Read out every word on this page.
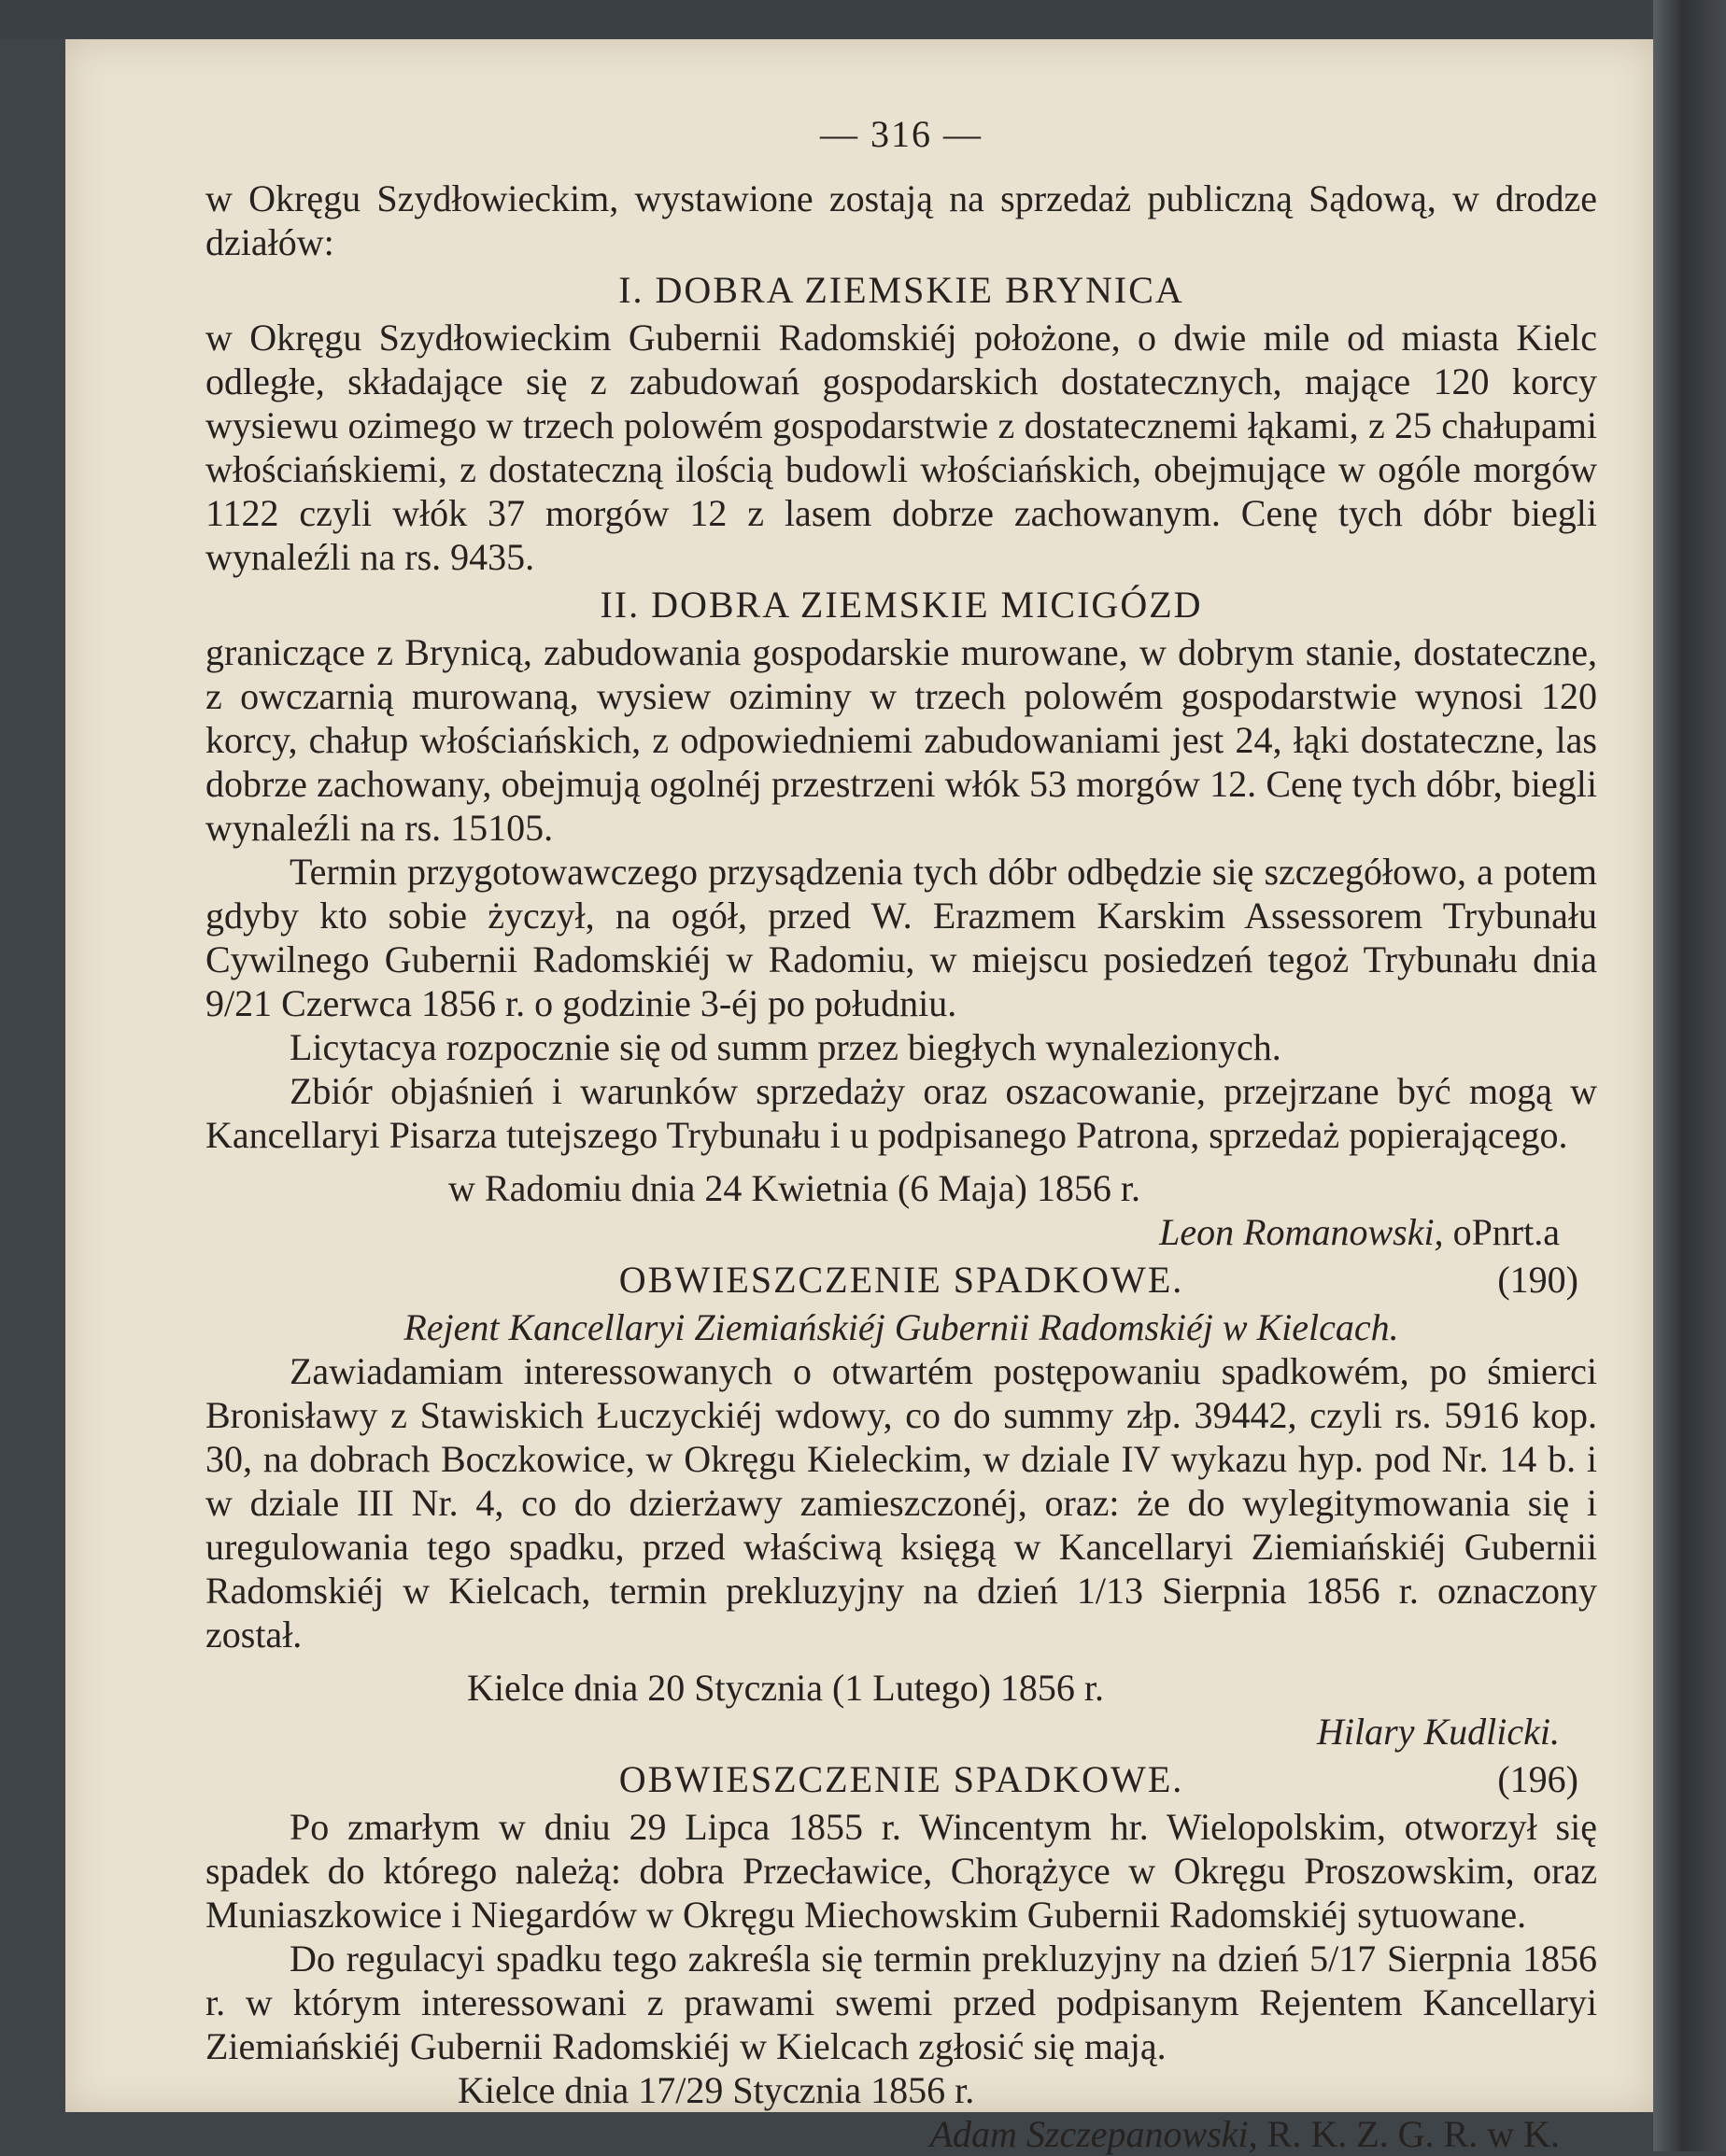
— 316 —

w Okręgu Szydłowieckim, wystawione zostają na sprzedaż publiczną Sądową, w drodze działów:

I. DOBRA ZIEMSKIE BRYNICA

w Okręgu Szydłowieckim Gubernii Radomskiéj położone, o dwie mile od miasta Kielc odległe, składające się z zabudowań gospodarskich dostatecznych, mające 120 korcy wysiewu ozimego w trzech polowém gospodarstwie z dostatecznemi łąkami, z 25 chałupami włościańskiemi, z dostateczną ilością budowli włościańskich, obejmujące w ogóle morgów 1122 czyli włók 37 morgów 12 z lasem dobrze zachowanym. Cenę tych dóbr biegli wynaleźli na rs. 9435.

II. DOBRA ZIEMSKIE MICIGÓZD

graniczące z Brynicą, zabudowania gospodarskie murowane, w dobrym stanie, dostateczne, z owczarnią murowaną, wysiew oziminy w trzech polowém gospodarstwie wynosi 120 korcy, chałup włościańskich, z odpowiedniemi zabudowaniami jest 24, łąki dostateczne, las dobrze zachowany, obejmują ogolnéj przestrzeni włók 53 morgów 12. Cenę tych dóbr, biegli wynaleźli na rs. 15105.

Termin przygotowawczego przysądzenia tych dóbr odbędzie się szczegółowo, a potem gdyby kto sobie życzył, na ogół, przed W. Erazmem Karskim Assessorem Trybunału Cywilnego Gubernii Radomskiéj w Radomiu, w miejscu posiedzeń tegoż Trybunału dnia 9/21 Czerwca 1856 r. o godzinie 3-éj po południu.

Licytacya rozpocznie się od summ przez biegłych wynalezionych.

Zbiór objaśnień i warunków sprzedaży oraz oszacowanie, przejrzane być mogą w Kancellaryi Pisarza tutejszego Trybunału i u podpisanego Patrona, sprzedaż popierającego.

w Radomiu dnia 24 Kwietnia (6 Maja) 1856 r.
Leon Romanowski, oPnrt.a
OBWIESZCZENIE SPADKOWE.	(190)
Rejent Kancellaryi Ziemiańskiéj Gubernii Radomskiéj w Kielcach.

Zawiadamiam interessowanych o otwartém postępowaniu spadkowém, po śmierci Bronisławy z Stawiskich Łuczyckiéj wdowy, co do summy złp. 39442, czyli rs. 5916 kop. 30, na dobrach Boczkowice, w Okręgu Kieleckim, w dziale IV wykazu hyp. pod Nr. 14 b. i w dziale III Nr. 4, co do dzierżawy zamieszczonéj, oraz: że do wylegitymowania się i uregulowania tego spadku, przed właściwą księgą w Kancellaryi Ziemiańskiéj Gubernii Radomskiéj w Kielcach, termin prekluzyjny na dzień 1/13 Sierpnia 1856 r. oznaczony został.

Kielce dnia 20 Stycznia (1 Lutego) 1856 r.
Hilary Kudlicki.
OBWIESZCZENIE SPADKOWE.	(196)

Po zmarłym w dniu 29 Lipca 1855 r. Wincentym hr. Wielopolskim, otworzył się spadek do którego należą: dobra Przecławice, Chorążyce w Okręgu Proszowskim, oraz Muniaszkowice i Niegardów w Okręgu Miechowskim Gubernii Radomskiéj sytuowane.

Do regulacyi spadku tego zakreśla się termin prekluzyjny na dzień 5/17 Sierpnia 1856 r. w którym interessowani z prawami swemi przed podpisanym Rejentem Kancellaryi Ziemiańskiéj Gubernii Radomskiéj w Kielcach zgłosić się mają.

Kielce dnia 17/29 Stycznia 1856 r.
Adam Szczepanowski, R. K. Z. G. R. w K.
